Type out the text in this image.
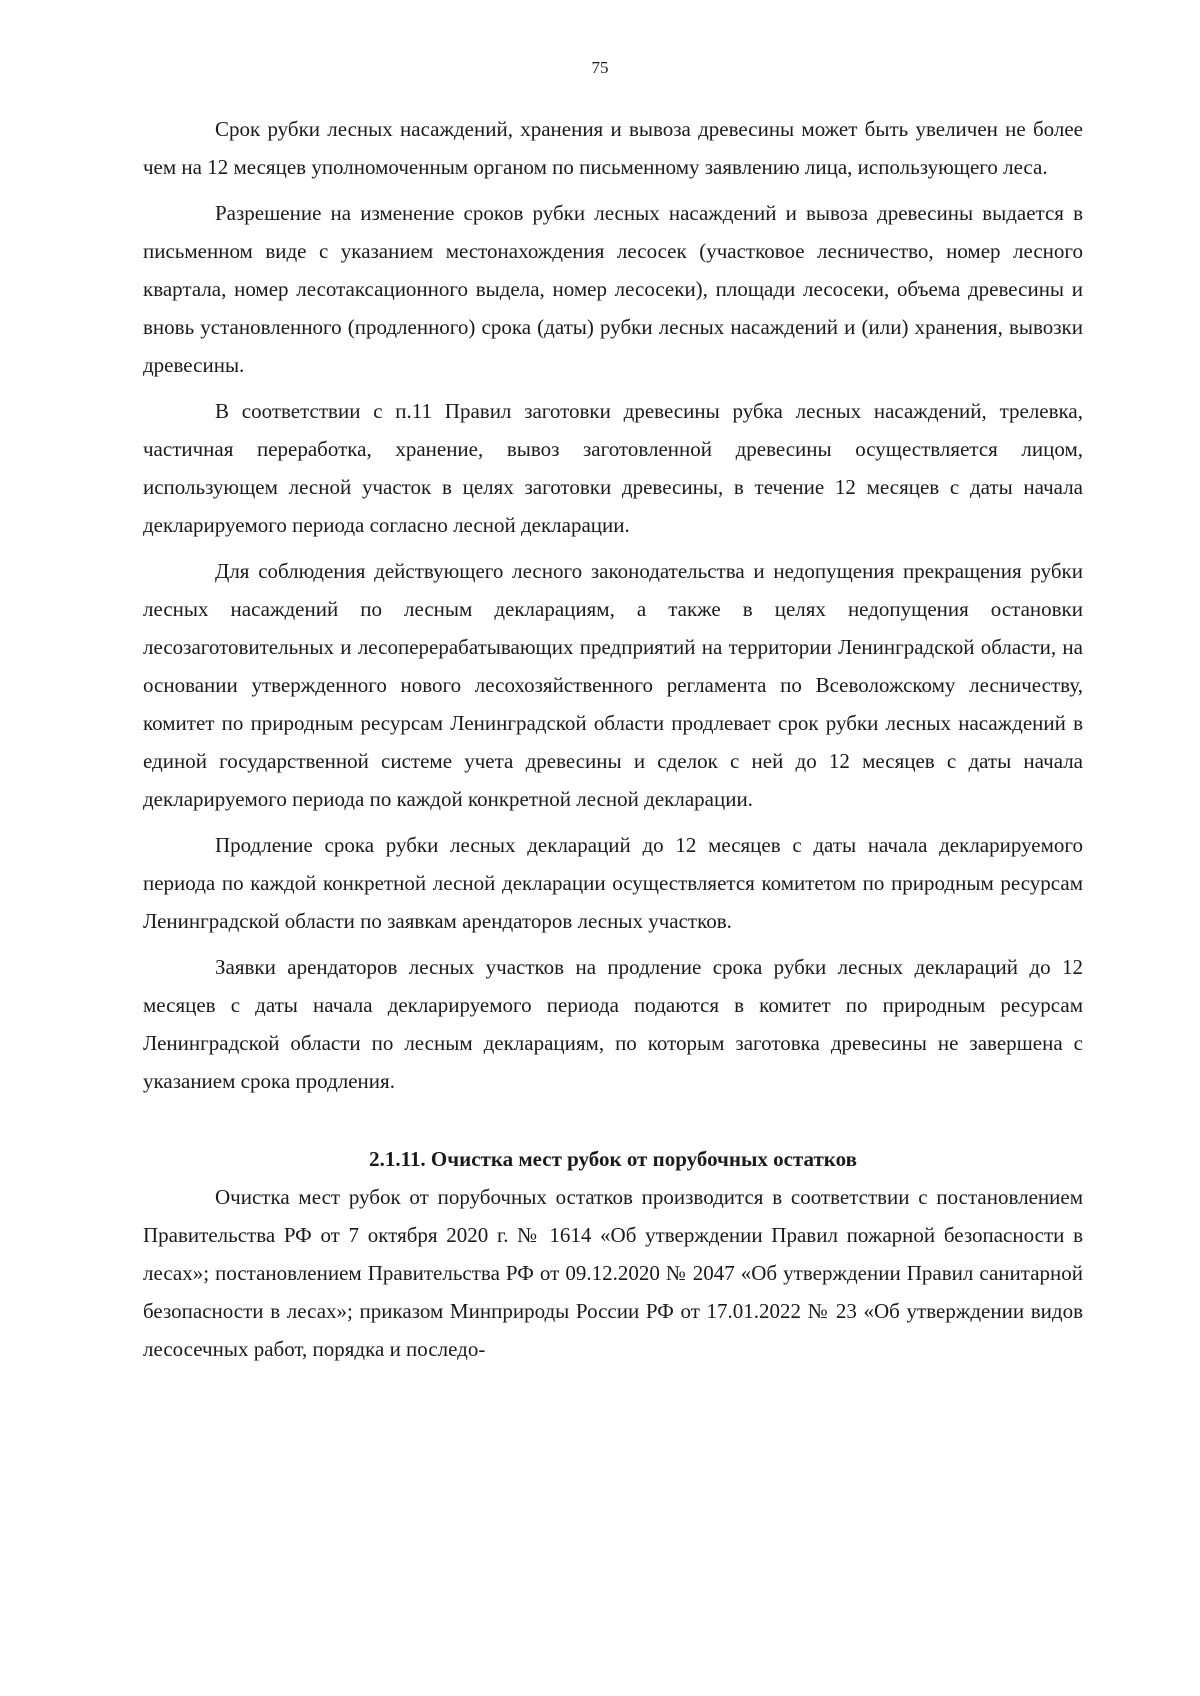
75

Срок рубки лесных насаждений, хранения и вывоза древесины может быть увеличен не более чем на 12 месяцев уполномоченным органом по письменному заявлению лица, использующего леса.

Разрешение на изменение сроков рубки лесных насаждений и вывоза древесины выдается в письменном виде с указанием местонахождения лесосек (участковое лесничество, номер лесного квартала, номер лесотаксационного выдела, номер лесосеки), площади лесосеки, объема древесины и вновь установленного (продленного) срока (даты) рубки лесных насаждений и (или) хранения, вывозки древесины.

В соответствии с п.11 Правил заготовки древесины рубка лесных насаждений, трелевка, частичная переработка, хранение, вывоз заготовленной древесины осуществляется лицом, использующем лесной участок в целях заготовки древесины, в течение 12 месяцев с даты начала декларируемого периода согласно лесной декларации.

Для соблюдения действующего лесного законодательства и недопущения прекращения рубки лесных насаждений по лесным декларациям, а также в целях недопущения остановки лесозаготовительных и лесоперерабатывающих предприятий на территории Ленинградской области, на основании утвержденного нового лесохозяйственного регламента по Всеволожскому лесничеству, комитет по природным ресурсам Ленинградской области продлевает срок рубки лесных насаждений в единой государственной системе учета древесины и сделок с ней до 12 месяцев с даты начала декларируемого периода по каждой конкретной лесной декларации.

Продление срока рубки лесных деклараций до 12 месяцев с даты начала декларируемого периода по каждой конкретной лесной декларации осуществляется комитетом по природным ресурсам Ленинградской области по заявкам арендаторов лесных участков.

Заявки арендаторов лесных участков на продление срока рубки лесных деклараций до 12 месяцев с даты начала декларируемого периода подаются в комитет по природным ресурсам Ленинградской области по лесным декларациям, по которым заготовка древесины не завершена с указанием срока продления.

2.1.11. Очистка мест рубок от порубочных остатков

Очистка мест рубок от порубочных остатков производится в соответствии с постановлением Правительства РФ от 7 октября 2020 г. № 1614 «Об утверждении Правил пожарной безопасности в лесах»; постановлением Правительства РФ от 09.12.2020 № 2047 «Об утверждении Правил санитарной безопасности в лесах»; приказом Минприроды России РФ от 17.01.2022 № 23 «Об утверждении видов лесосечных работ, порядка и последо-
